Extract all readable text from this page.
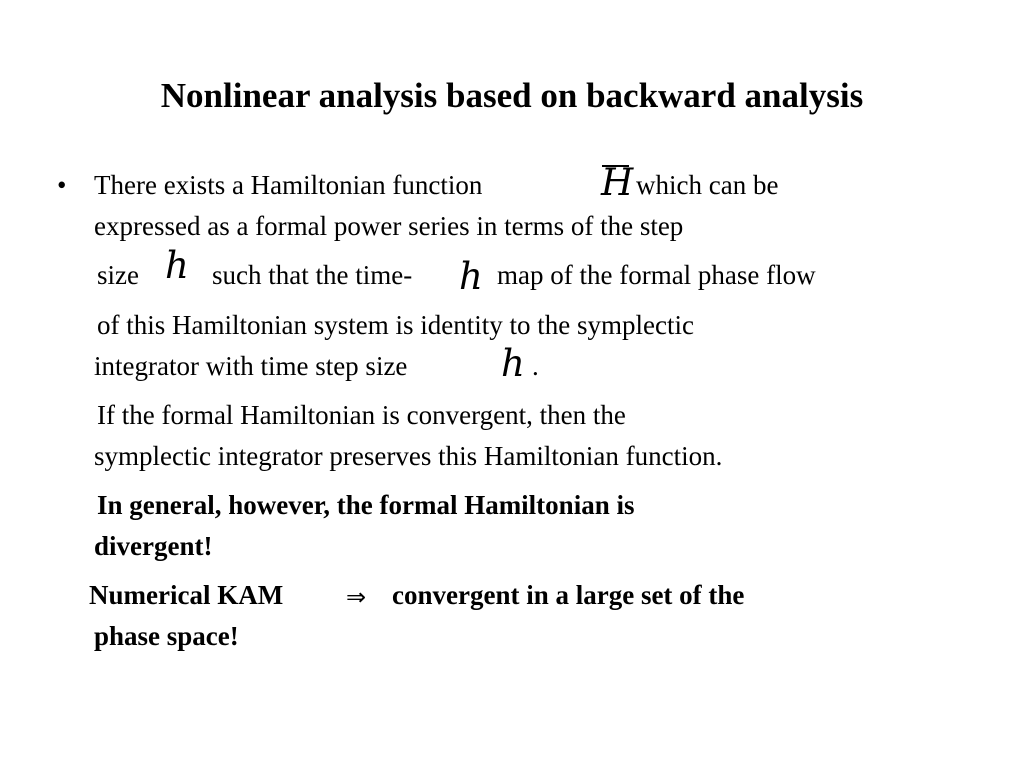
Nonlinear analysis based on backward analysis
• There exists a Hamiltonian function	H which can be
expressed as a formal power series in terms of the step
size h such that the time- h map of the formal phase flow
of this Hamiltonian system is identity to the symplectic
integrator with time step size	h .
If the formal Hamiltonian is convergent, then the
symplectic integrator preserves this Hamiltonian function.
In general, however, the formal Hamiltonian is
divergent!
Numerical KAM	⇒ convergent in a large set of the
phase space!
